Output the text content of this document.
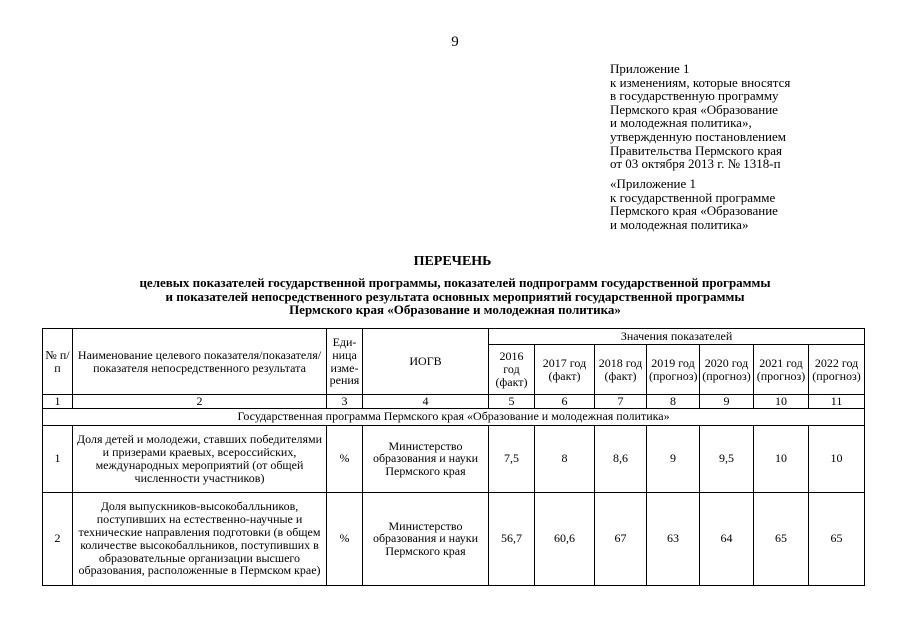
9
Приложение 1
к изменениям, которые вносятся
в государственную программу
Пермского края «Образование
и молодежная политика»,
утвержденную постановлением
Правительства Пермского края
от 03 октября 2013 г. № 1318-п
«Приложение 1
к государственной программе
Пермского края «Образование
и молодежная политика»
ПЕРЕЧЕНЬ
целевых показателей государственной программы, показателей подпрограмм государственной программы
и показателей непосредственного результата основных мероприятий государственной программы
Пермского края «Образование и молодежная политика»
№ п/п	Наименование целевого показателя/показателя/показателя непосредственного результата	Еди-ница изме-рения	ИОГВ	Значения показателей						
				2016 год (факт)	2017 год (факт)	2018 год (факт)	2019 год (прогноз)	2020 год (прогноз)	2021 год (прогноз)	2022 год (прогноз)
1	2	3	4	5	6	7	8	9	10	11
Государственная программа Пермского края «Образование и молодежная политика»										
1	Доля детей и молодежи, ставших победителями и призерами краевых, всероссийских, международных мероприятий (от общей численности участников)	%	Министерство образования и науки Пермского края	7,5	8	8,6	9	9,5	10	10
2	Доля выпускников-высокобалльников, поступивших на естественно-научные и технические направления подготовки (в общем количестве высокобалльников, поступивших в образовательные организации высшего образования, расположенные в Пермском крае)	%	Министерство образования и науки Пермского края	56,7	60,6	67	63	64	65	65
